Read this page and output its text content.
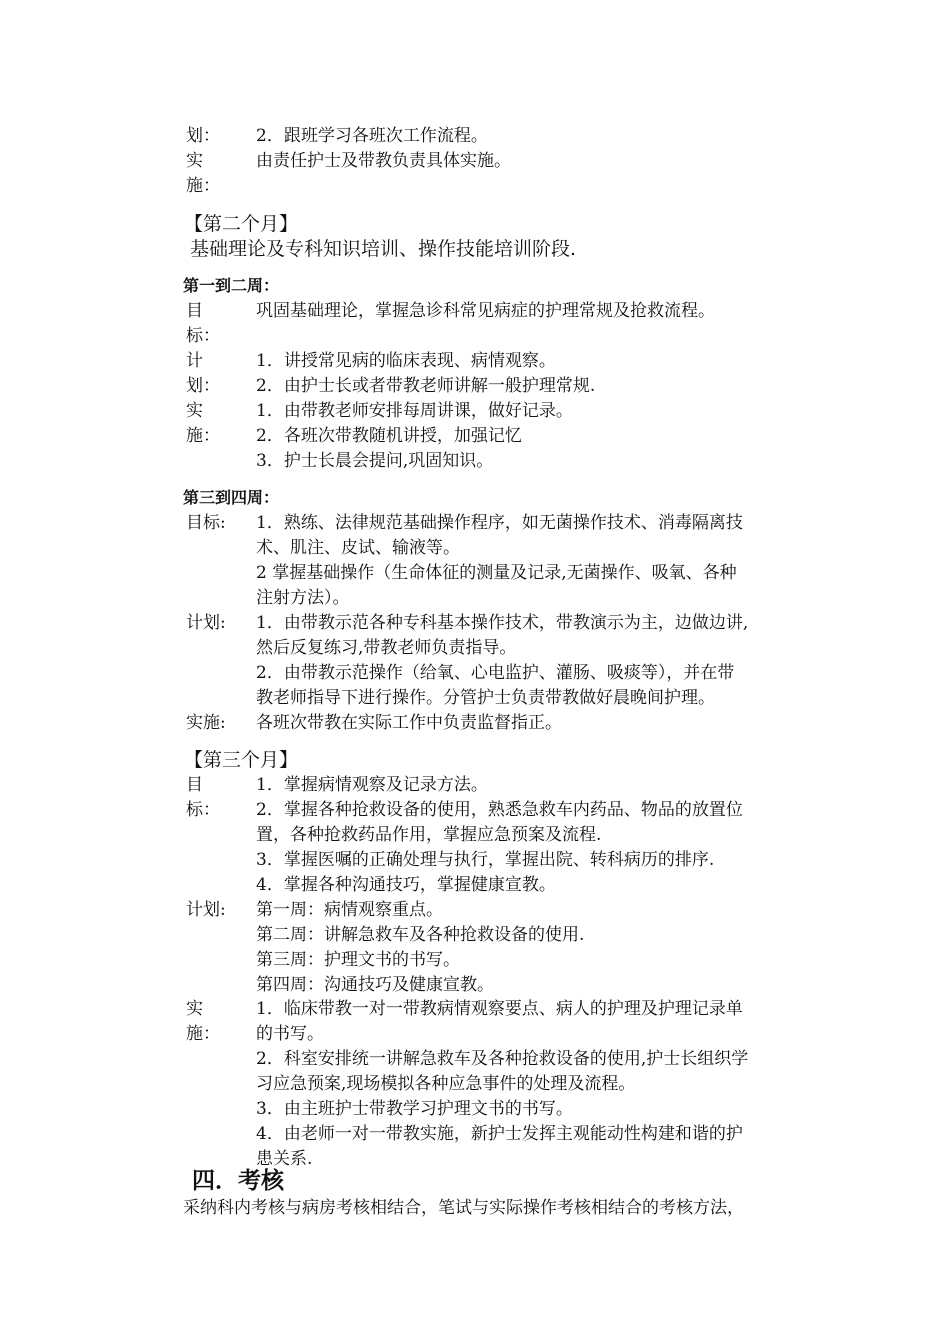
划：	2．跟班学习各班次工作流程。
实	由责任护士及带教负责具体实施。
施：
【第二个月】
基础理论及专科知识培训、操作技能培训阶段.
第一到二周：
目	巩固基础理论，掌握急诊科常见病症的护理常规及抢救流程。
标：
计	1．讲授常见病的临床表现、病情观察。
划：	2．由护士长或者带教老师讲解一般护理常规.
实	1．由带教老师安排每周讲课，做好记录。
施：	2．各班次带教随机讲授，加强记忆
3．护士长晨会提问,巩固知识。
第三到四周：
目标:	1．熟练、法律规范基础操作程序，如无菌操作技术、消毒隔离技
术、肌注、皮试、输液等。
2 掌握基础操作（生命体征的测量及记录,无菌操作、吸氧、各种
注射方法）。
计划:	1．由带教示范各种专科基本操作技术，带教演示为主，边做边讲,
然后反复练习,带教老师负责指导。
2．由带教示范操作（给氧、心电监护、灌肠、吸痰等），并在带
教老师指导下进行操作。分管护士负责带教做好晨晚间护理。
实施:	各班次带教在实际工作中负责监督指正。
【第三个月】
目	1．掌握病情观察及记录方法。
标：	2．掌握各种抢救设备的使用，熟悉急救车内药品、物品的放置位
置，各种抢救药品作用，掌握应急预案及流程.
3．掌握医嘱的正确处理与执行，掌握出院、转科病历的排序.
4．掌握各种沟通技巧，掌握健康宣教。
计划:	第一周：病情观察重点。
第二周：讲解急救车及各种抢救设备的使用.
第三周：护理文书的书写。
第四周：沟通技巧及健康宣教。
实	1．临床带教一对一带教病情观察要点、病人的护理及护理记录单
施：	的书写。
2．科室安排统一讲解急救车及各种抢救设备的使用,护士长组织学
习应急预案,现场模拟各种应急事件的处理及流程。
3．由主班护士带教学习护理文书的书写。
4．由老师一对一带教实施，新护士发挥主观能动性构建和谐的护
患关系.
四．考核
采纳科内考核与病房考核相结合，笔试与实际操作考核相结合的考核方法，
